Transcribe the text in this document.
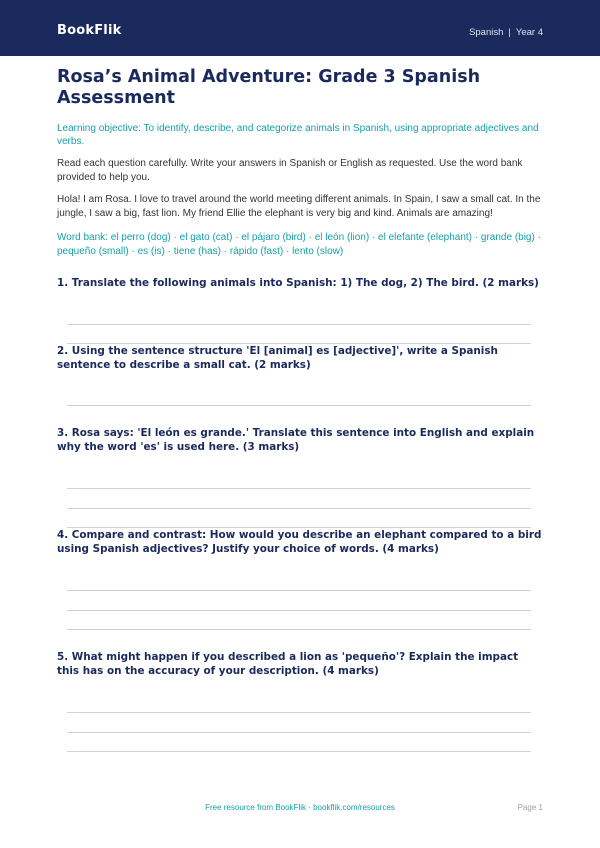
BookFlik	Spanish | Year 4
Rosa’s Animal Adventure: Grade 3 Spanish Assessment
Learning objective: To identify, describe, and categorize animals in Spanish, using appropriate adjectives and verbs.
Read each question carefully. Write your answers in Spanish or English as requested. Use the word bank provided to help you.
Hola! I am Rosa. I love to travel around the world meeting different animals. In Spain, I saw a small cat. In the jungle, I saw a big, fast lion. My friend Ellie the elephant is very big and kind. Animals are amazing!
Word bank: el perro (dog) · el gato (cat) · el pájaro (bird) · el león (lion) · el elefante (elephant) · grande (big) · pequeño (small) · es (is) · tiene (has) · rápido (fast) · lento (slow)
1. Translate the following animals into Spanish: 1) The dog, 2) The bird. (2 marks)
2. Using the sentence structure 'El [animal] es [adjective]', write a Spanish sentence to describe a small cat. (2 marks)
3. Rosa says: 'El león es grande.' Translate this sentence into English and explain why the word 'es' is used here. (3 marks)
4. Compare and contrast: How would you describe an elephant compared to a bird using Spanish adjectives? Justify your choice of words. (4 marks)
5. What might happen if you described a lion as 'pequeño'? Explain the impact this has on the accuracy of your description. (4 marks)
Free resource from BookFlik · bookflik.com/resources	Page 1
